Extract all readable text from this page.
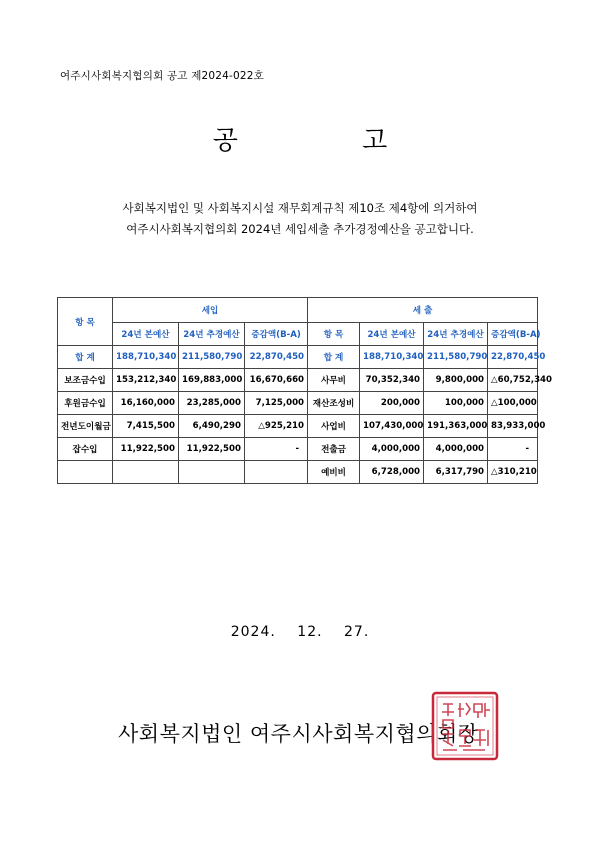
여주시사회복지협의회 공고 제2024-022호
공 고
사회복지법인 및 사회복지시설 재무회계규칙 제10조 제4항에 의거하여
여주시사회복지협의회 2024년 세입세출 추가경정예산을 공고합니다.
항 목	세입			세 출			
	24년 본예산	24년 추경예산	증감액(B-A)	항 목	24년 본예산	24년 추경예산	증감액(B-A)
합 계	188,710,340	211,580,790	22,870,450	합 계	188,710,340	211,580,790	22,870,450
보조금수입	153,212,340	169,883,000	16,670,660	사무비	70,352,340	9,800,000	△60,752,340
후원금수입	16,160,000	23,285,000	7,125,000	재산조성비	200,000	100,000	△100,000
전년도이월금	7,415,500	6,490,290	△925,210	사업비	107,430,000	191,363,000	83,933,000
잡수입	11,922,500	11,922,500	-	전출금	4,000,000	4,000,000	-
				예비비	6,728,000	6,317,790	△310,210
2024. 12. 27.
사회복지법인 여주시사회복지협의회장
